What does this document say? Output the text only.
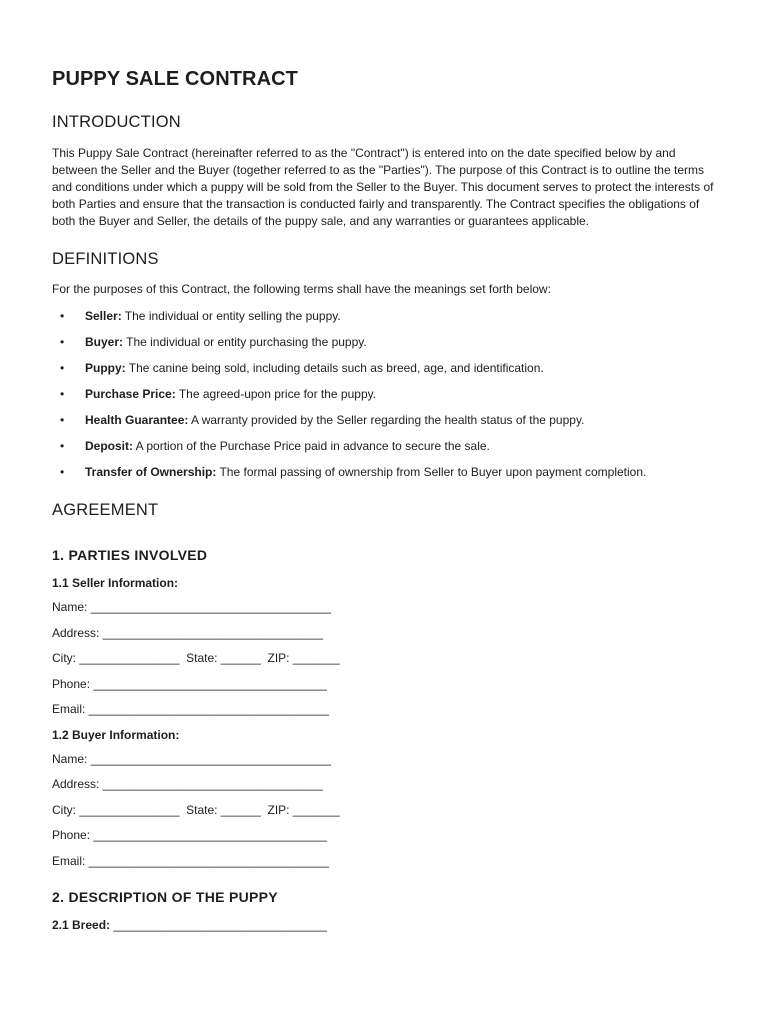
PUPPY SALE CONTRACT
INTRODUCTION

This Puppy Sale Contract (hereinafter referred to as the "Contract") is entered into on the date specified below by and between the Seller and the Buyer (together referred to as the "Parties"). The purpose of this Contract is to outline the terms and conditions under which a puppy will be sold from the Seller to the Buyer. This document serves to protect the interests of both Parties and ensure that the transaction is conducted fairly and transparently. The Contract specifies the obligations of both the Buyer and Seller, the details of the puppy sale, and any warranties or guarantees applicable.

DEFINITIONS

For the purposes of this Contract, the following terms shall have the meanings set forth below:

• Seller: The individual or entity selling the puppy.
• Buyer: The individual or entity purchasing the puppy.
• Puppy: The canine being sold, including details such as breed, age, and identification.
• Purchase Price: The agreed-upon price for the puppy.
• Health Guarantee: A warranty provided by the Seller regarding the health status of the puppy.
• Deposit: A portion of the Purchase Price paid in advance to secure the sale.
• Transfer of Ownership: The formal passing of ownership from Seller to Buyer upon payment completion.
AGREEMENT
1. PARTIES INVOLVED
1.1 Seller Information:
Name: ____________________________________
Address: _________________________________
City: _______________  State: ______  ZIP: _______
Phone: ___________________________________
Email: ____________________________________
1.2 Buyer Information:
Name: ____________________________________
Address: _________________________________
City: _______________  State: ______  ZIP: _______
Phone: ___________________________________
Email: ____________________________________
2. DESCRIPTION OF THE PUPPY
2.1 Breed: ________________________________
